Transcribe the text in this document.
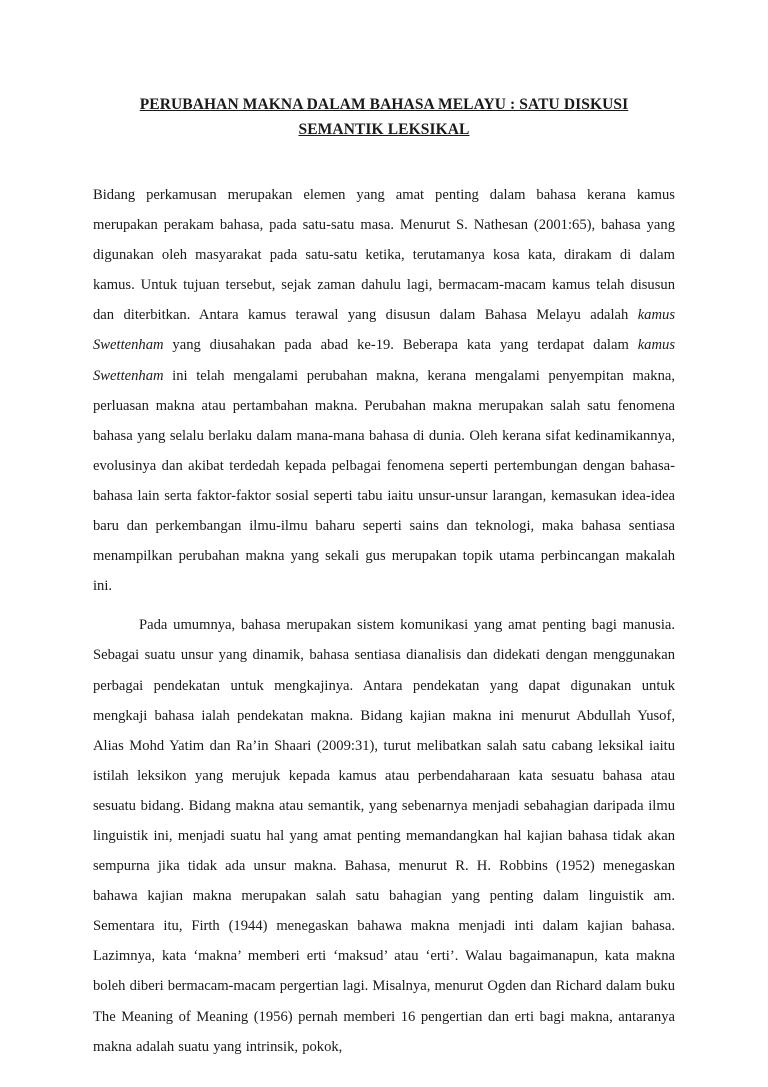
PERUBAHAN MAKNA DALAM BAHASA MELAYU : SATU DISKUSI
SEMANTIK LEKSIKAL

Bidang perkamusan merupakan elemen yang amat penting dalam bahasa kerana kamus merupakan perakam bahasa, pada satu-satu masa. Menurut S. Nathesan (2001:65), bahasa yang digunakan oleh masyarakat pada satu-satu ketika, terutamanya kosa kata, dirakam di dalam kamus. Untuk tujuan tersebut, sejak zaman dahulu lagi, bermacam-macam kamus telah disusun dan diterbitkan. Antara kamus terawal yang disusun dalam Bahasa Melayu adalah kamus Swettenham yang diusahakan pada abad ke-19. Beberapa kata yang terdapat dalam kamus Swettenham ini telah mengalami perubahan makna, kerana mengalami penyempitan makna, perluasan makna atau pertambahan makna. Perubahan makna merupakan salah satu fenomena bahasa yang selalu berlaku dalam mana-mana bahasa di dunia. Oleh kerana sifat kedinamikannya, evolusinya dan akibat terdedah kepada pelbagai fenomena seperti pertembungan dengan bahasa-bahasa lain serta faktor-faktor sosial seperti tabu iaitu unsur-unsur larangan, kemasukan idea-idea baru dan perkembangan ilmu-ilmu baharu seperti sains dan teknologi, maka bahasa sentiasa menampilkan perubahan makna yang sekali gus merupakan topik utama perbincangan makalah ini.

Pada umumnya, bahasa merupakan sistem komunikasi yang amat penting bagi manusia. Sebagai suatu unsur yang dinamik, bahasa sentiasa dianalisis dan didekati dengan menggunakan perbagai pendekatan untuk mengkajinya. Antara pendekatan yang dapat digunakan untuk mengkaji bahasa ialah pendekatan makna. Bidang kajian makna ini menurut Abdullah Yusof, Alias Mohd Yatim dan Ra’in Shaari (2009:31), turut melibatkan salah satu cabang leksikal iaitu istilah leksikon yang merujuk kepada kamus atau perbendaharaan kata sesuatu bahasa atau sesuatu bidang. Bidang makna atau semantik, yang sebenarnya menjadi sebahagian daripada ilmu linguistik ini, menjadi suatu hal yang amat penting memandangkan hal kajian bahasa tidak akan sempurna jika tidak ada unsur makna. Bahasa, menurut R. H. Robbins (1952) menegaskan bahawa kajian makna merupakan salah satu bahagian yang penting dalam linguistik am. Sementara itu, Firth (1944) menegaskan bahawa makna menjadi inti dalam kajian bahasa. Lazimnya, kata ‘makna’ memberi erti ‘maksud’ atau ‘erti’. Walau bagaimanapun, kata makna boleh diberi bermacam-macam pergertian lagi. Misalnya, menurut Ogden dan Richard dalam buku The Meaning of Meaning (1956) pernah memberi 16 pengertian dan erti bagi makna, antaranya makna adalah suatu yang intrinsik, pokok,
